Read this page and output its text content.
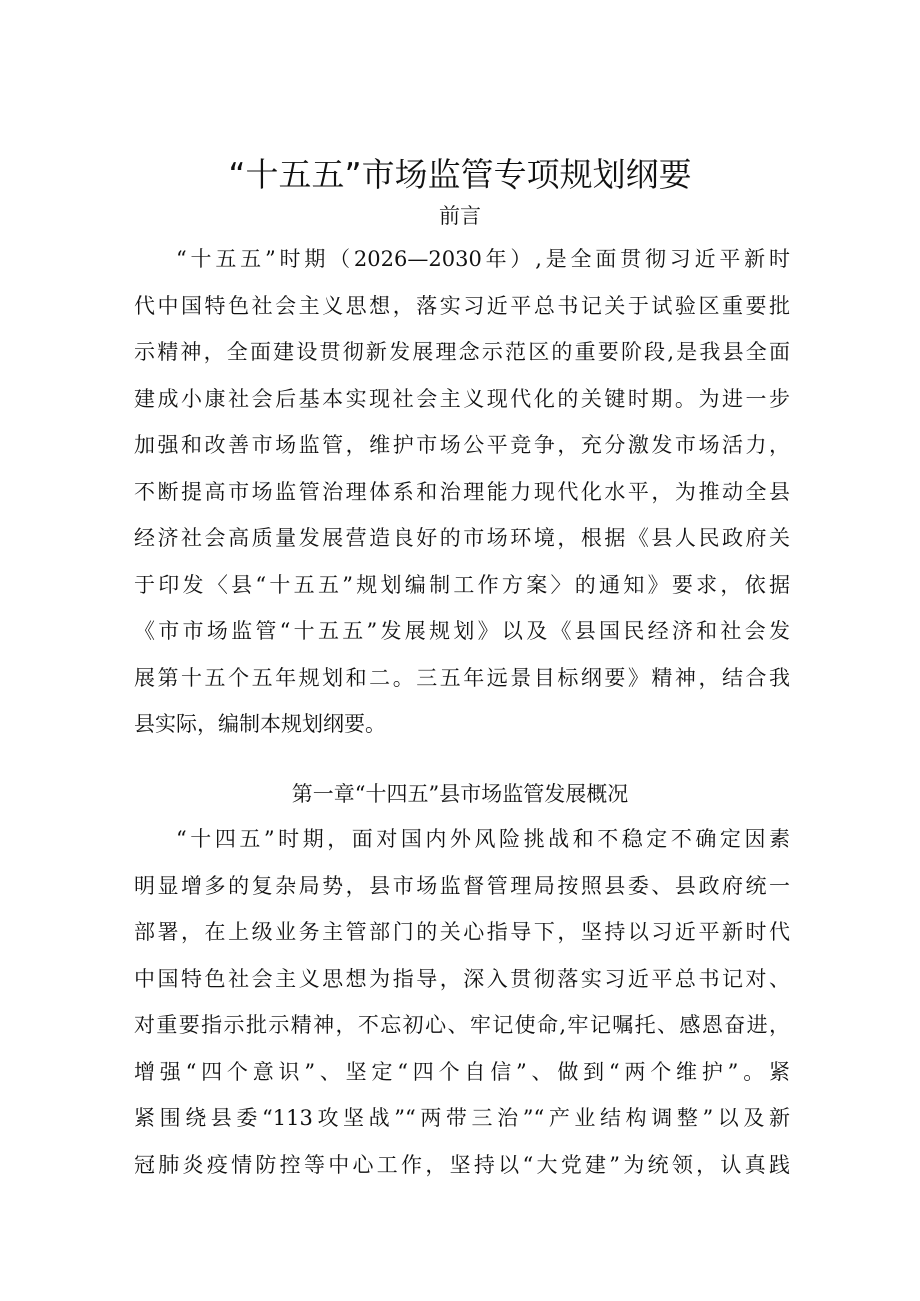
“十五五”市场监管专项规划纲要
前言
“十五五”时期（2026—2030年）,是全面贯彻习近平新时
代中国特色社会主义思想，落实习近平总书记关于试验区重要批
示精神，全面建设贯彻新发展理念示范区的重要阶段,是我县全面
建成小康社会后基本实现社会主义现代化的关键时期。为进一步
加强和改善市场监管，维护市场公平竞争，充分激发市场活力，
不断提高市场监管治理体系和治理能力现代化水平，为推动全县
经济社会高质量发展营造良好的市场环境，根据《县人民政府关
于印发〈县“十五五”规划编制工作方案〉的通知》要求，依据
《市市场监管“十五五”发展规划》以及《县国民经济和社会发
展第十五个五年规划和二。三五年远景目标纲要》精神，结合我
县实际，编制本规划纲要。
第一章“十四五”县市场监管发展概况
“十四五”时期，面对国内外风险挑战和不稳定不确定因素
明显增多的复杂局势，县市场监督管理局按照县委、县政府统一
部署，在上级业务主管部门的关心指导下，坚持以习近平新时代
中国特色社会主义思想为指导，深入贯彻落实习近平总书记对、
对重要指示批示精神，不忘初心、牢记使命,牢记嘱托、感恩奋进，
增强“四个意识”、坚定“四个自信”、做到“两个维护”。紧
紧围绕县委“113攻坚战”“两带三治”“产业结构调整”以及新
冠肺炎疫情防控等中心工作，坚持以“大党建”为统领，认真践
